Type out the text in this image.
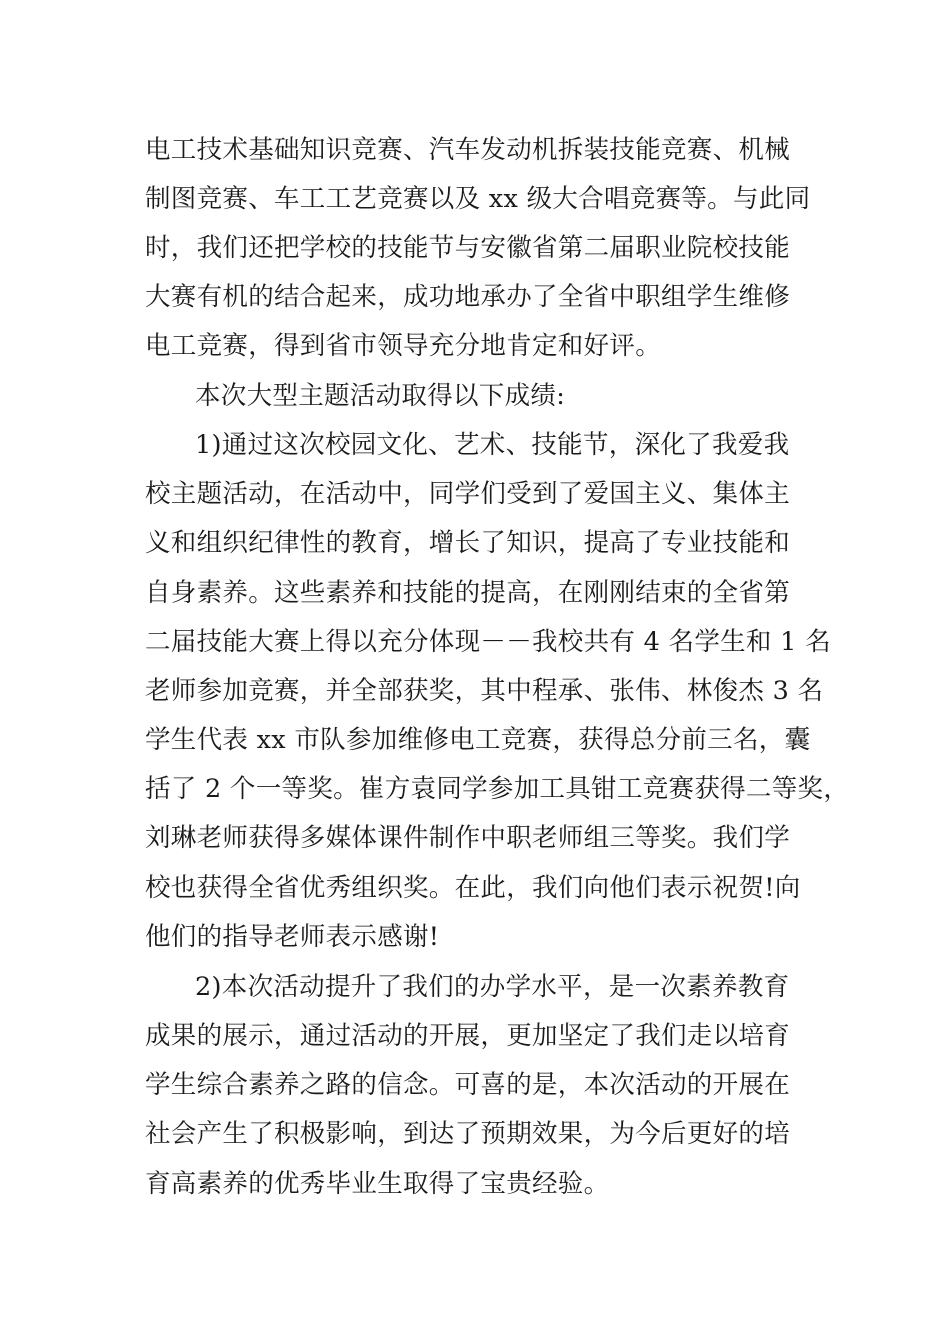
电工技术基础知识竞赛、汽车发动机拆装技能竞赛、机械
制图竞赛、车工工艺竞赛以及 xx 级大合唱竞赛等。与此同
时，我们还把学校的技能节与安徽省第二届职业院校技能
大赛有机的结合起来，成功地承办了全省中职组学生维修
电工竞赛，得到省市领导充分地肯定和好评。
本次大型主题活动取得以下成绩:
1)通过这次校园文化、艺术、技能节，深化了我爱我
校主题活动，在活动中，同学们受到了爱国主义、集体主
义和组织纪律性的教育，增长了知识，提高了专业技能和
自身素养。这些素养和技能的提高，在刚刚结束的全省第
二届技能大赛上得以充分体现－－我校共有 4 名学生和 1 名
老师参加竞赛，并全部获奖，其中程承、张伟、林俊杰 3 名
学生代表 xx 市队参加维修电工竞赛，获得总分前三名，囊
括了 2 个一等奖。崔方袁同学参加工具钳工竞赛获得二等奖，
刘琳老师获得多媒体课件制作中职老师组三等奖。我们学
校也获得全省优秀组织奖。在此，我们向他们表示祝贺!向
他们的指导老师表示感谢!
2)本次活动提升了我们的办学水平，是一次素养教育
成果的展示，通过活动的开展，更加坚定了我们走以培育
学生综合素养之路的信念。可喜的是，本次活动的开展在
社会产生了积极影响，到达了预期效果，为今后更好的培
育高素养的优秀毕业生取得了宝贵经验。
